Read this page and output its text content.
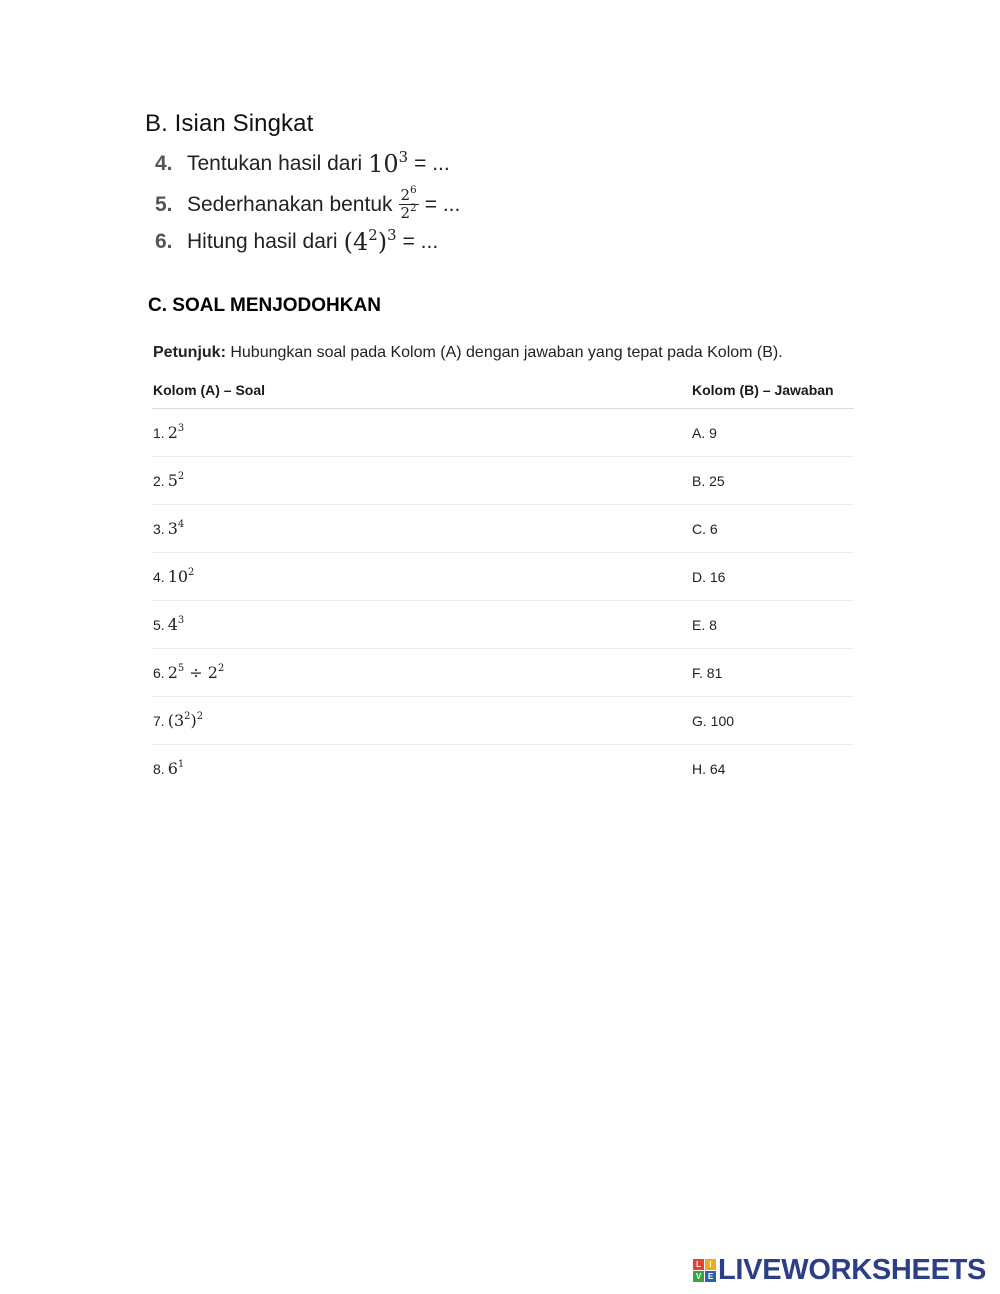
B. Isian Singkat
4. Tentukan hasil dari $10^3$ = ...
5. Sederhanakan bentuk $\frac{2^6}{2^2}$ = ...
6. Hitung hasil dari $(4^2)^3$ = ...
C. SOAL MENJODOHKAN
Petunjuk: Hubungkan soal pada Kolom (A) dengan jawaban yang tepat pada Kolom (B).
Kolom (A) – Soal	Kolom (B) – Jawaban
1. $2^3$	A. 9
2. $5^2$	B. 25
3. $3^4$	C. 6
4. $10^2$	D. 16
5. $4^3$	E. 8
6. $2^5 \div 2^2$	F. 81
7. $(3^2)^2$	G. 100
8. $6^1$	H. 64
L	I
V E LIVEWORKSHEETS
